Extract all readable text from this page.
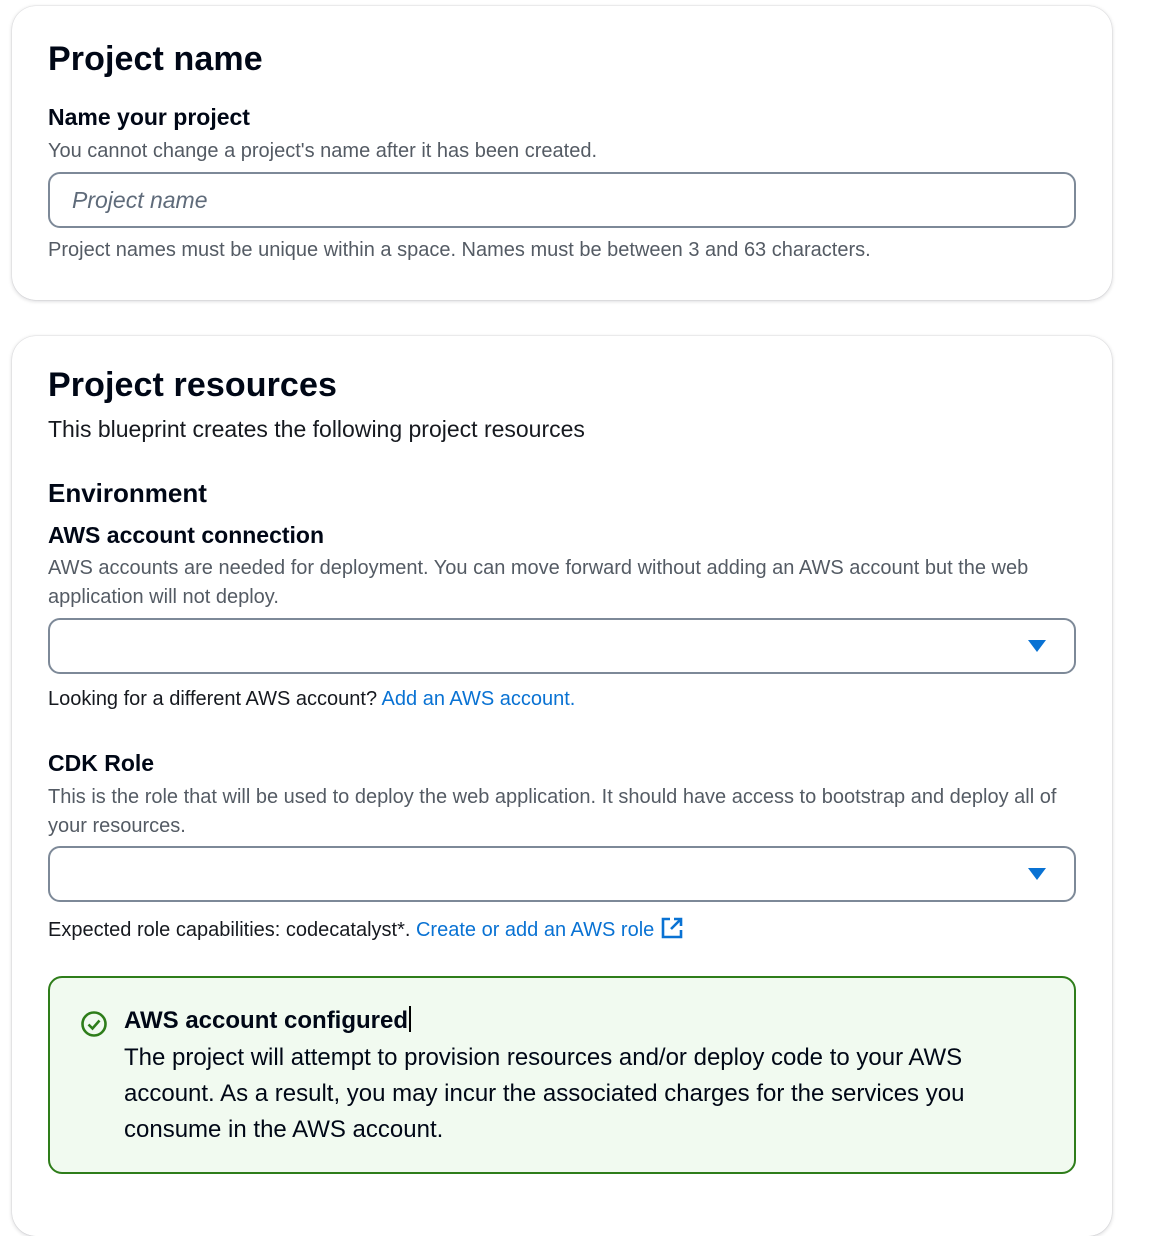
Project name
Name your project
You cannot change a project's name after it has been created.
Project name
Project names must be unique within a space. Names must be between 3 and 63 characters.
Project resources
This blueprint creates the following project resources
Environment
AWS account connection
AWS accounts are needed for deployment. You can move forward without adding an AWS account but the web application will not deploy.
Looking for a different AWS account? Add an AWS account.
CDK Role
This is the role that will be used to deploy the web application. It should have access to bootstrap and deploy all of your resources.
Expected role capabilities: codecatalyst*. Create or add an AWS role
AWS account configured
The project will attempt to provision resources and/or deploy code to your AWS account. As a result, you may incur the associated charges for the services you consume in the AWS account.
